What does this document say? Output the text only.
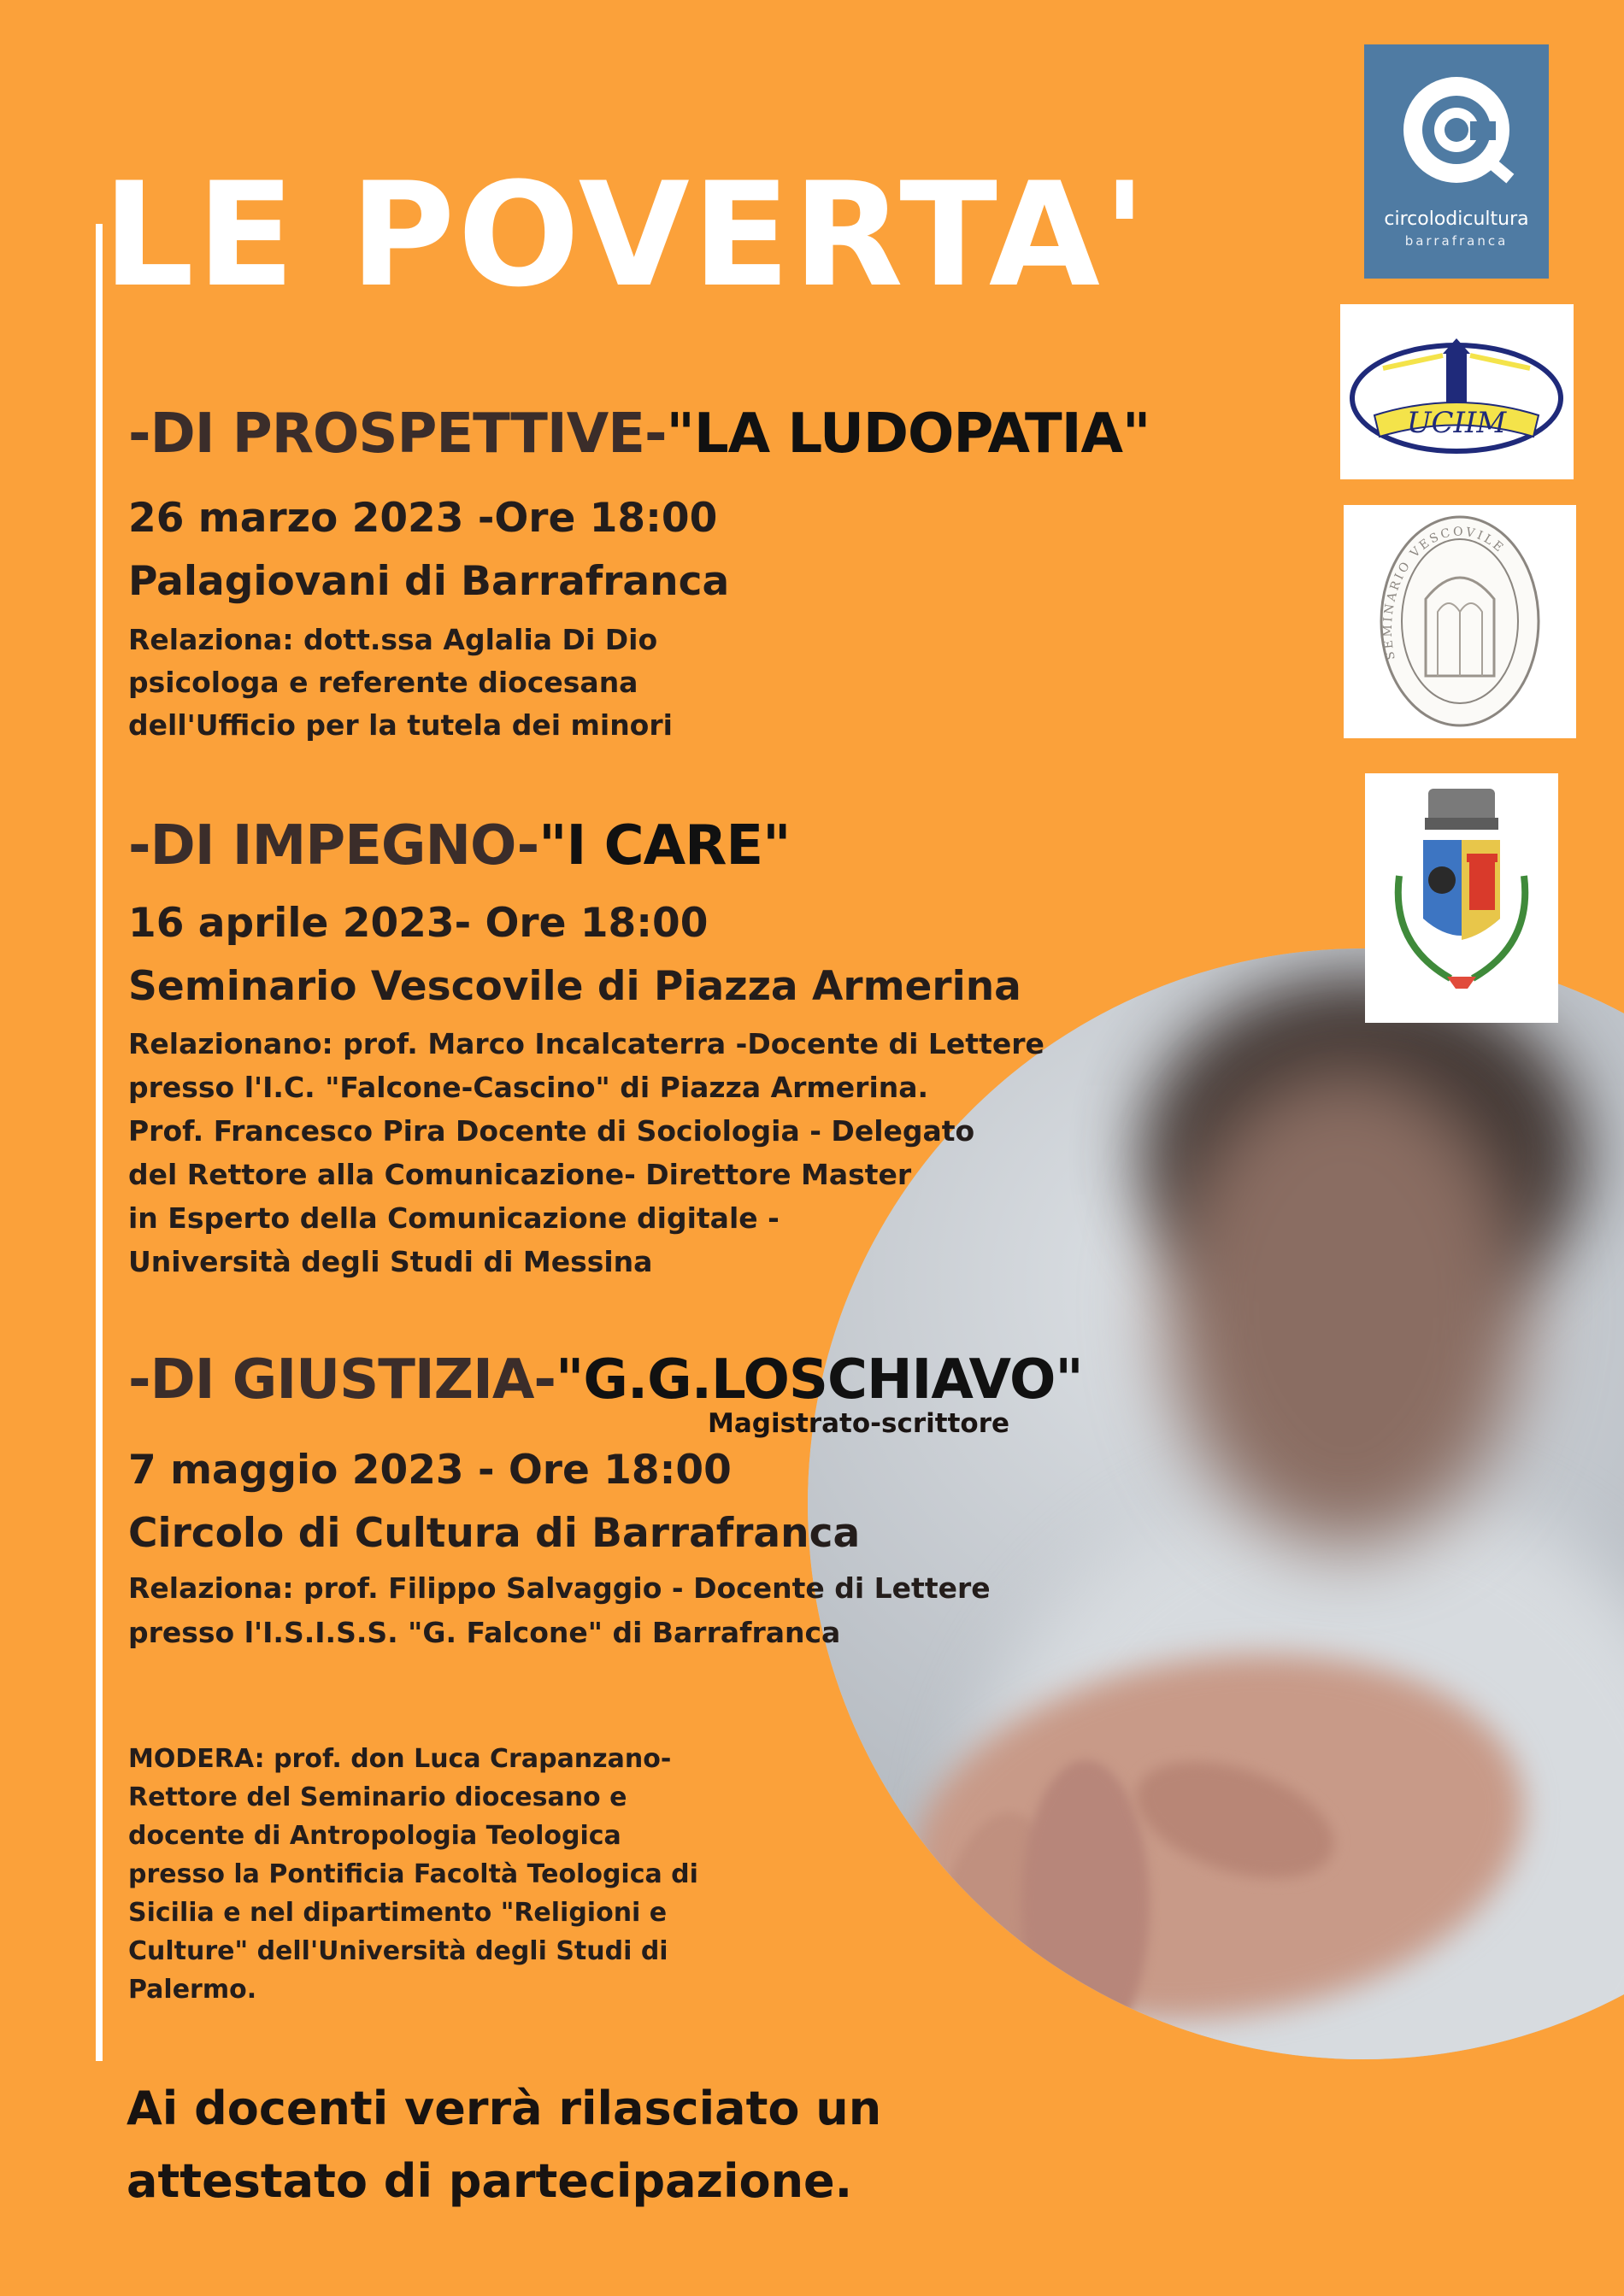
LE POVERTA'	circolodicultura
barrafranca
UCIIM
SEMINARIO VESCOVILE
-DI PROSPETTIVE-"LA LUDOPATIA"
26 marzo 2023 -Ore 18:00
Palagiovani di Barrafranca
Relaziona: dott.ssa Aglalia Di Dio
psicologa e referente diocesana
dell'Ufficio per la tutela dei minori
-DI IMPEGNO-"I CARE"
16 aprile 2023- Ore 18:00
Seminario Vescovile di Piazza Armerina
Relazionano: prof. Marco Incalcaterra -Docente di Lettere
presso l'I.C. "Falcone-Cascino" di Piazza Armerina.
Prof. Francesco Pira Docente di Sociologia - Delegato
del Rettore alla Comunicazione- Direttore Master
in Esperto della Comunicazione digitale -
Università degli Studi di Messina
-DI GIUSTIZIA-"G.G.LOSCHIAVO"
Magistrato-scrittore
7 maggio 2023 - Ore 18:00
Circolo di Cultura di Barrafranca
Relaziona: prof. Filippo Salvaggio - Docente di Lettere
presso l'I.S.I.S.S. "G. Falcone" di Barrafranca
MODERA: prof. don Luca Crapanzano-
Rettore del Seminario diocesano e
docente di Antropologia Teologica
presso la Pontificia Facoltà Teologica di
Sicilia e nel dipartimento "Religioni e
Culture" dell'Università degli Studi di
Palermo.
Ai docenti verrà rilasciato un
attestato di partecipazione.
